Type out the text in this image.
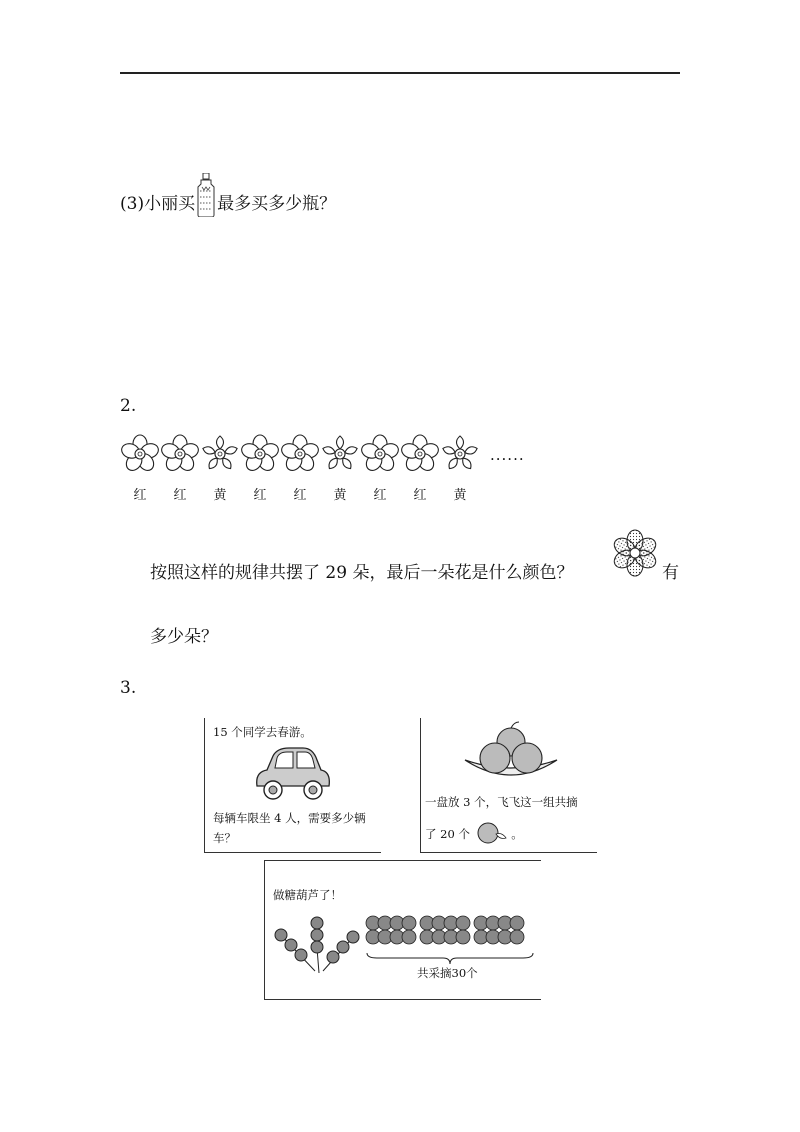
(3)小丽买 最多买多少瓶？
2.
......
红	红	黄	红	红	黄	红	红	黄
按照这样的规律共摆了 29 朵，最后一朵花是什么颜色？	有
多少朵？
3.
15 个同学去春游。
每辆车限坐 4 人，需要多少辆
车？
一盘放 3 个，飞飞这一组共摘
了 20 个	。
做糖葫芦了！
共采摘30个
